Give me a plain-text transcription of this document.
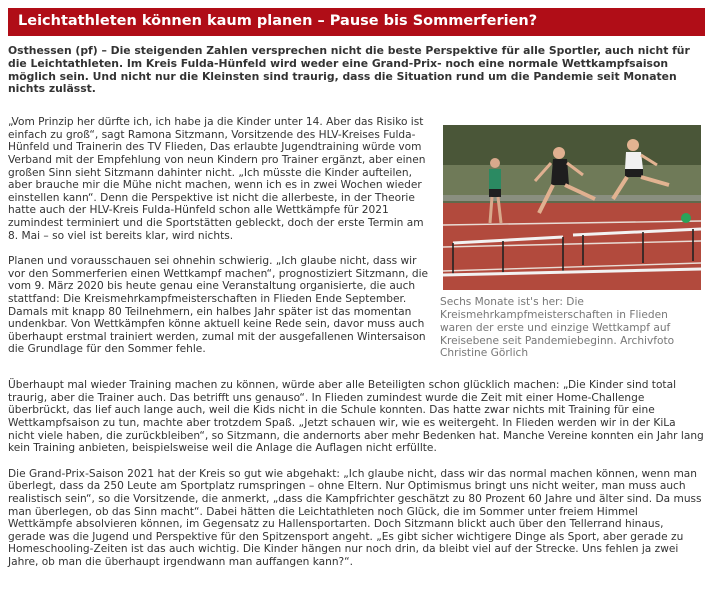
Leichtathleten können kaum planen – Pause bis Sommerferien?
Osthessen (pf) – Die steigenden Zahlen versprechen nicht die beste Perspektive für alle Sportler, auch nicht für die Leichtathleten. Im Kreis Fulda-Hünfeld wird weder eine Grand-Prix- noch eine normale Wettkampfsaison möglich sein. Und nicht nur die Kleinsten sind traurig, dass die Situation rund um die Pandemie seit Monaten nichts zulässt.
Sechs Monate ist's her: Die Kreismehrkampfmeisterschaften in Flieden waren der erste und einzige Wettkampf auf Kreisebene seit Pandemiebeginn. Archivfoto Christine Görlich

„Vom Prinzip her dürfte ich, ich habe ja die Kinder unter 14. Aber das Risiko ist einfach zu groß“, sagt Ramona Sitzmann, Vorsitzende des HLV-Kreises Fulda-Hünfeld und Trainerin des TV Flieden, Das erlaubte Jugendtraining würde vom Verband mit der Empfehlung von neun Kindern pro Trainer ergänzt, aber einen großen Sinn sieht Sitzmann dahinter nicht. „Ich müsste die Kinder aufteilen, aber brauche mir die Mühe nicht machen, wenn ich es in zwei Wochen wieder einstellen kann“. Denn die Perspektive ist nicht die allerbeste, in der Theorie hatte auch der HLV-Kreis Fulda-Hünfeld schon alle Wettkämpfe für 2021 zumindest terminiert und die Sportstätten gebleckt, doch der erste Termin am 8. Mai – so viel ist bereits klar, wird nichts.

Planen und vorausschauen sei ohnehin schwierig. „Ich glaube nicht, dass wir vor den Sommerferien einen Wettkampf machen“, prognostiziert Sitzmann, die vom 9. März 2020 bis heute genau eine Veranstaltung organisierte, die auch stattfand: Die Kreismehrkampfmeisterschaften in Flieden Ende September. Damals mit knapp 80 Teilnehmern, ein halbes Jahr später ist das momentan undenkbar. Von Wettkämpfen könne aktuell keine Rede sein, davor muss auch überhaupt erstmal trainiert werden, zumal mit der ausgefallenen Wintersaison die Grundlage für den Sommer fehle.

Überhaupt mal wieder Training machen zu können, würde aber alle Beteiligten schon glücklich machen: „Die Kinder sind total traurig, aber die Trainer auch. Das betrifft uns genauso“. In Flieden zumindest wurde die Zeit mit einer Home-Challenge überbrückt, das lief auch lange auch, weil die Kids nicht in die Schule konnten. Das hatte zwar nichts mit Training für eine Wettkampfsaison zu tun, machte aber trotzdem Spaß. „Jetzt schauen wir, wie es weitergeht. In Flieden werden wir in der KiLa nicht viele haben, die zurückbleiben“, so Sitzmann, die andernorts aber mehr Bedenken hat. Manche Vereine konnten ein Jahr lang kein Training anbieten, beispielsweise weil die Anlage die Auflagen nicht erfüllte.

Die Grand-Prix-Saison 2021 hat der Kreis so gut wie abgehakt: „Ich glaube nicht, dass wir das normal machen können, wenn man überlegt, dass da 250 Leute am Sportplatz rumspringen – ohne Eltern. Nur Optimismus bringt uns nicht weiter, man muss auch realistisch sein“, so die Vorsitzende, die anmerkt, „dass die Kampfrichter geschätzt zu 80 Prozent 60 Jahre und älter sind. Da muss man überlegen, ob das Sinn macht“. Dabei hätten die Leichtathleten noch Glück, die im Sommer unter freiem Himmel Wettkämpfe absolvieren können, im Gegensatz zu Hallensportarten. Doch Sitzmann blickt auch über den Tellerrand hinaus, gerade was die Jugend und Perspektive für den Spitzensport angeht. „Es gibt sicher wichtigere Dinge als Sport, aber gerade zu Homeschooling-Zeiten ist das auch wichtig. Die Kinder hängen nur noch drin, da bleibt viel auf der Strecke. Uns fehlen ja zwei Jahre, ob man die überhaupt irgendwann man auffangen kann?“.
